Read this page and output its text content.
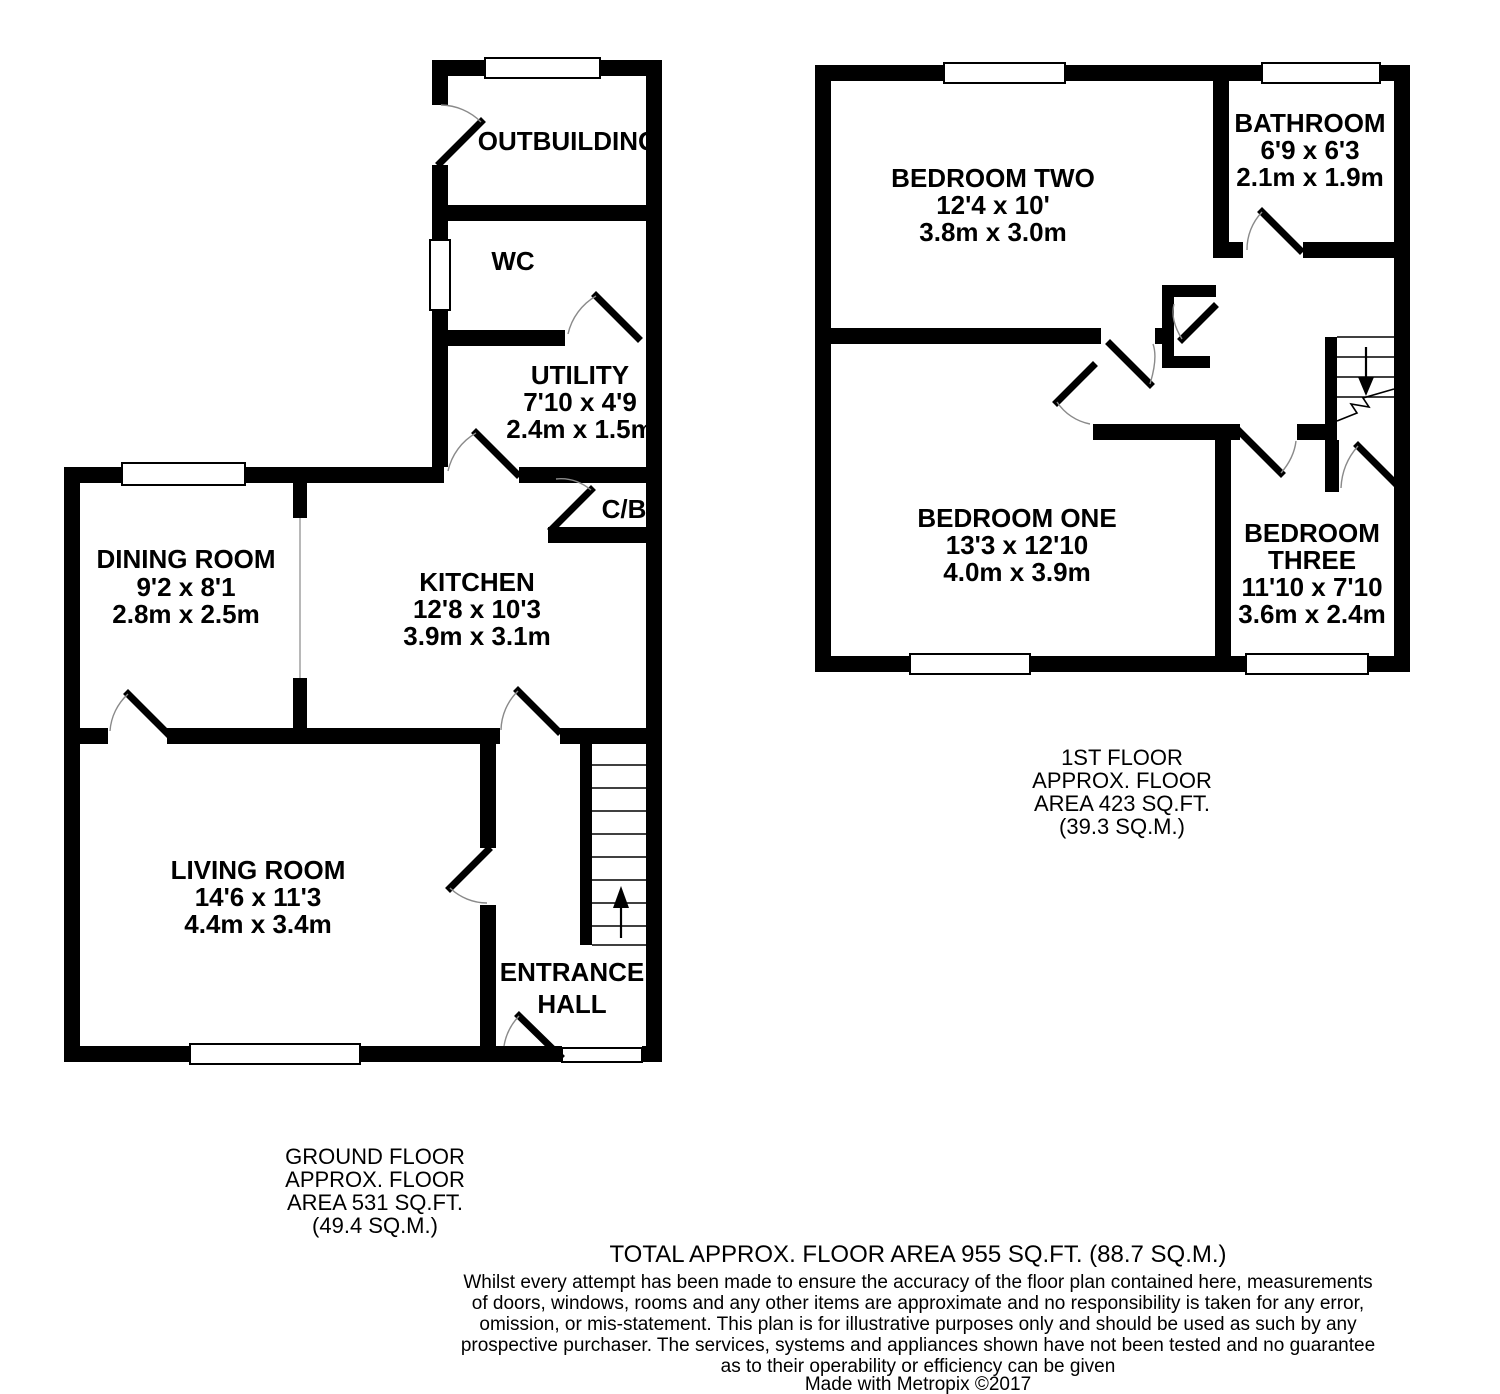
OUTBUILDING
WC
UTILITY
7'10 x 4'9
2.4m x 1.5m
C/B
DINING ROOM
9'2 x 8'1
2.8m x 2.5m
KITCHEN
12'8 x 10'3
3.9m x 3.1m
LIVING ROOM
14'6 x 11'3
4.4m x 3.4m
ENTRANCE
HALL
BEDROOM TWO
12'4 x 10'
3.8m x 3.0m
BATHROOM
6'9 x 6'3
2.1m x 1.9m
BEDROOM ONE
13'3 x 12'10
4.0m x 3.9m
BEDROOM
THREE
11'10 x 7'10
3.6m x 2.4m
1ST FLOOR
APPROX. FLOOR
AREA 423 SQ.FT.
(39.3 SQ.M.)
GROUND FLOOR
APPROX. FLOOR
AREA 531 SQ.FT.
(49.4 SQ.M.)
TOTAL APPROX. FLOOR AREA 955 SQ.FT. (88.7 SQ.M.)
Whilst every attempt has been made to ensure the accuracy of the floor plan contained here, measurements
of doors, windows, rooms and any other items are approximate and no responsibility is taken for any error,
omission, or mis-statement. This plan is for illustrative purposes only and should be used as such by any
prospective purchaser. The services, systems and appliances shown have not been tested and no guarantee
as to their operability or efficiency can be given
Made with Metropix ©2017
